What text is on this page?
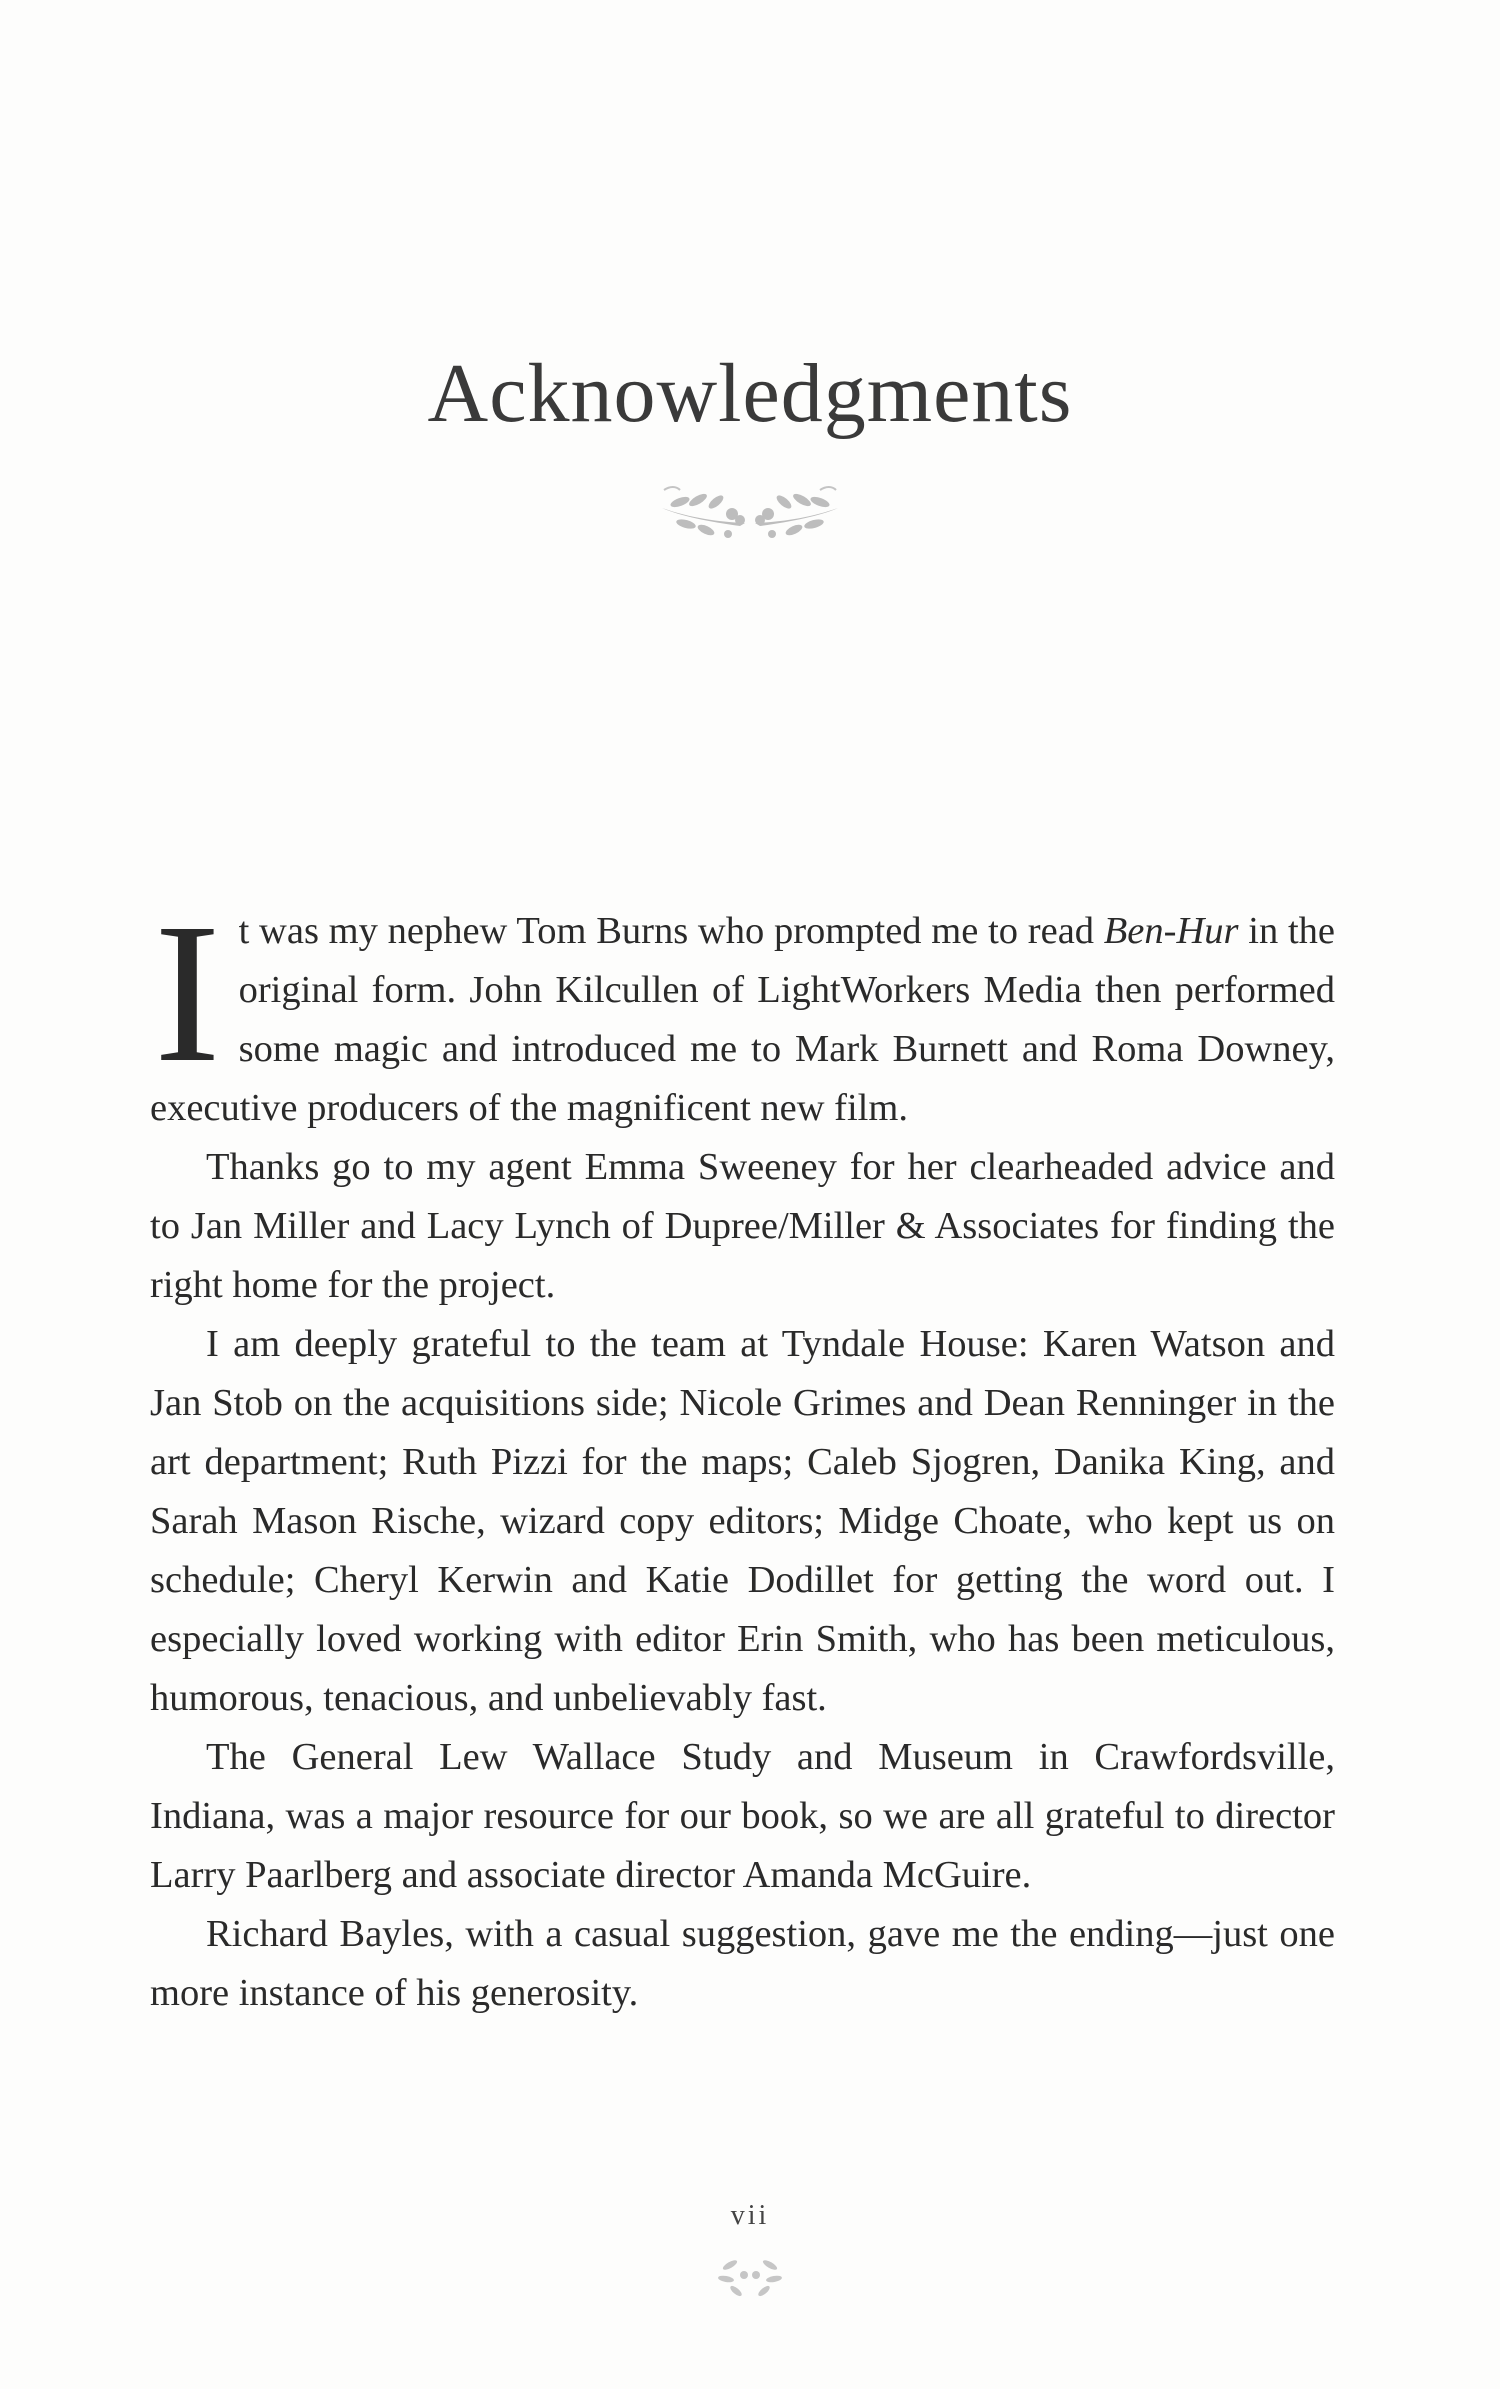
Acknowledgments

It was my nephew Tom Burns who prompted me to read Ben-Hur in the original form. John Kilcullen of LightWorkers Media then performed some magic and introduced me to Mark Burnett and Roma Downey, executive producers of the magnificent new film.

Thanks go to my agent Emma Sweeney for her clearheaded advice and to Jan Miller and Lacy Lynch of Dupree/Miller & Associates for finding the right home for the project.

I am deeply grateful to the team at Tyndale House: Karen Watson and Jan Stob on the acquisitions side; Nicole Grimes and Dean Renninger in the art department; Ruth Pizzi for the maps; Caleb Sjogren, Danika King, and Sarah Mason Rische, wizard copy editors; Midge Choate, who kept us on schedule; Cheryl Kerwin and Katie Dodillet for getting the word out. I especially loved working with editor Erin Smith, who has been meticulous, humorous, tenacious, and unbelievably fast.

The General Lew Wallace Study and Museum in Crawfordsville, Indiana, was a major resource for our book, so we are all grateful to director Larry Paarlberg and associate director Amanda McGuire.

Richard Bayles, with a casual suggestion, gave me the ending—just one more instance of his generosity.

vii
